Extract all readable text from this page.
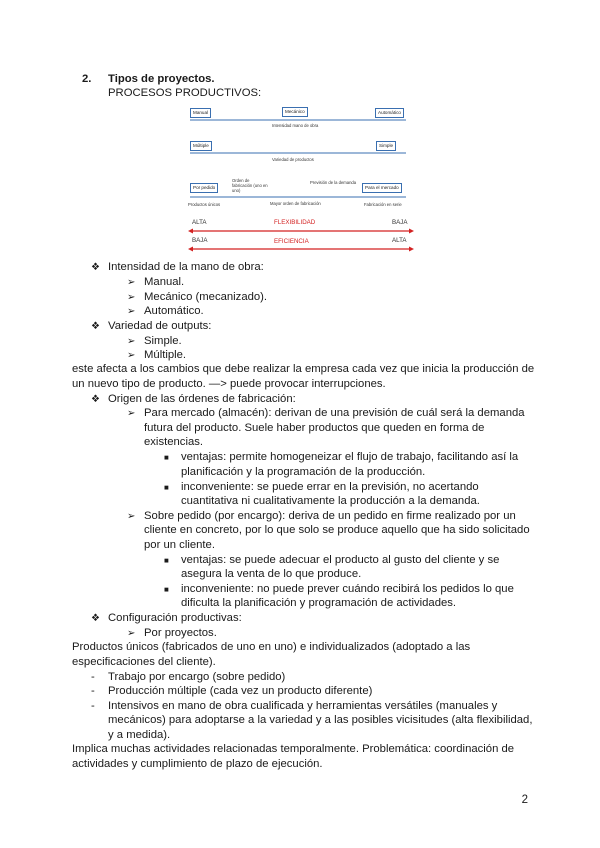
2. Tipos de proyectos.
PROCESOS PRODUCTIVOS:
Manual	Mecánico	Automático
Intensidad mano de obra
Múltiple	Simple
Variedad de productos
Orden de fabricación (uno en uno)
Previsión de la demanda
Por pedido	Para el mercado
Productos únicos	Mayor orden de fabricación	Fabricación en serie
ALTA	FLEXIBILIDAD	BAJA
BAJA	EFICIENCIA	ALTA
❖ Intensidad de la mano de obra:
➢ Manual.
➢ Mecánico (mecanizado).
➢ Automático.
❖ Variedad de outputs:
➢ Simple.
➢ Múltiple.
este afecta a los cambios que debe realizar la empresa cada vez que inicia la producción de
un nuevo tipo de producto. —> puede provocar interrupciones.
❖ Origen de las órdenes de fabricación:
➢ Para mercado (almacén): derivan de una previsión de cuál será la demanda
futura del producto. Suele haber productos que queden en forma de
existencias.
■ ventajas: permite homogeneizar el flujo de trabajo, facilitando así la
planificación y la programación de la producción.
■ inconveniente: se puede errar en la previsión, no acertando
cuantitativa ni cualitativamente la producción a la demanda.
➢ Sobre pedido (por encargo): deriva de un pedido en firme realizado por un
cliente en concreto, por lo que solo se produce aquello que ha sido solicitado
por un cliente.
■ ventajas: se puede adecuar el producto al gusto del cliente y se
asegura la venta de lo que produce.
■ inconveniente: no puede prever cuándo recibirá los pedidos lo que
dificulta la planificación y programación de actividades.
❖ Configuración productivas:
➢ Por proyectos.
Productos únicos (fabricados de uno en uno) e individualizados (adoptado a las
especificaciones del cliente).
- Trabajo por encargo (sobre pedido)
- Producción múltiple (cada vez un producto diferente)
- Intensivos en mano de obra cualificada y herramientas versátiles (manuales y
mecánicos) para adoptarse a la variedad y a las posibles vicisitudes (alta flexibilidad,
y a medida).
Implica muchas actividades relacionadas temporalmente. Problemática: coordinación de
actividades y cumplimiento de plazo de ejecución.
2
